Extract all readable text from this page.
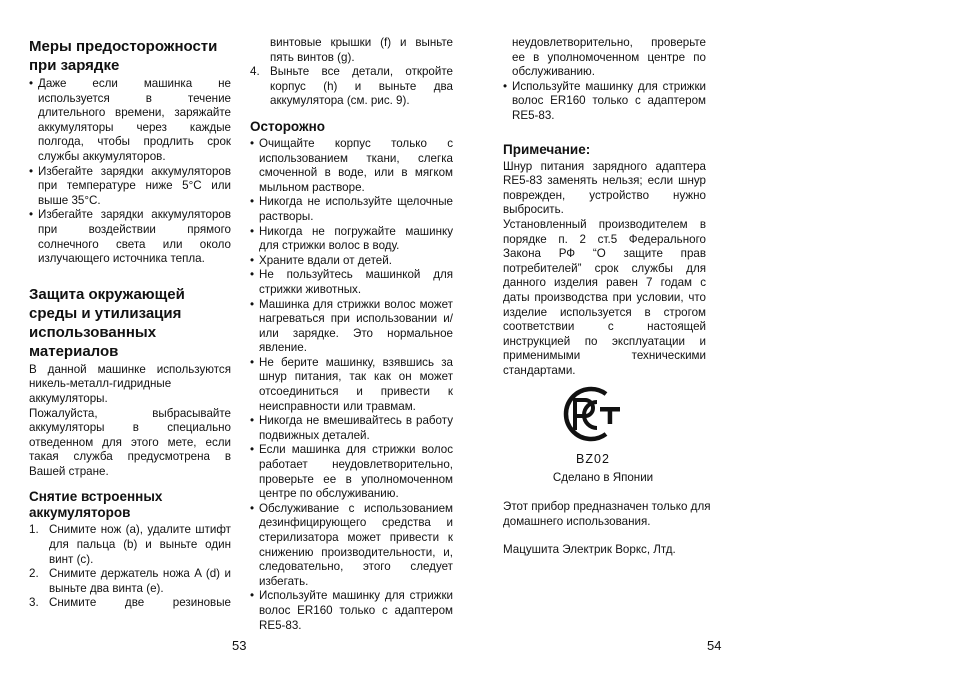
Меры предосторожности при зарядке
• Даже если машинка не используется в течение длительного времени, заряжайте аккумуляторы через каждые полгода, чтобы продлить срок службы аккумуляторов.
• Избегайте зарядки аккумуляторов при температуре ниже 5°С или выше 35°С.
• Избегайте зарядки аккумуляторов при воздействии прямого солнечного света или около излучающего источника тепла.
Защита окружающей среды и утилизация использованных материалов

В данной машинке используются никель-металл-гидридные аккумуляторы.

Пожалуйста, выбрасывайте аккумуляторы в специально отведенном для этого мете, если такая служба предусмотрена в Вашей стране.

Снятие встроенных аккумуляторов
1. Снимите нож (а), удалите штифт для пальца (b) и выньте один винт (c).
2. Снимите держатель ножа A (d) и выньте два винта (e).
3. Снимите две резиновые
винтовые крышки (f) и выньте пять винтов (g).
4. Выньте все детали, откройте корпус (h) и выньте два аккумулятора (см. рис. 9).
Осторожно
• Очищайте корпус только с использованием ткани, слегка смоченной в воде, или в мягком мыльном растворе.
• Никогда не используйте щелочные растворы.
• Никогда не погружайте машинку для стрижки волос в воду.
• Храните вдали от детей.
• Не пользуйтесь машинкой для стрижки животных.
• Машинка для стрижки волос может нагреваться при использовании и/или зарядке. Это нормальное явление.
• Не берите машинку, взявшись за шнур питания, так как он может отсоединиться и привести к неисправности или травмам.
• Никогда не вмешивайтесь в работу подвижных деталей.
• Если машинка для стрижки волос работает неудовлетворительно, проверьте ее в уполномоченном центре по обслуживанию.
• Обслуживание с использованием дезинфицирующего средства и стерилизатора может привести к снижению производительности, и, следовательно, этого следует избегать.
• Используйте машинку для стрижки волос ER160 только с адаптером RE5-83.

неудовлетворительно, проверьте ее в уполномоченном центре по обслуживанию.

• Используйте машинку для стрижки волос ER160 только с адаптером RE5-83.
Примечание:

Шнур питания зарядного адаптера RE5-83 заменять нельзя; если шнур поврежден, устройство нужно выбросить.

Установленный производителем в порядке п. 2 ст.5 Федерального Закона РФ “О защите прав потребителей” срок службы для данного изделия равен 7 годам с даты производства при условии, что изделие используется в строгом соответствии с настоящей инструкцией по эксплуатации и применимыми техническими стандартами.

BZ02
Сделано в Японии
Этот прибор предназначен только для домашнего использования.
Мацушита Электрик Воркс, Лтд.
53	54
